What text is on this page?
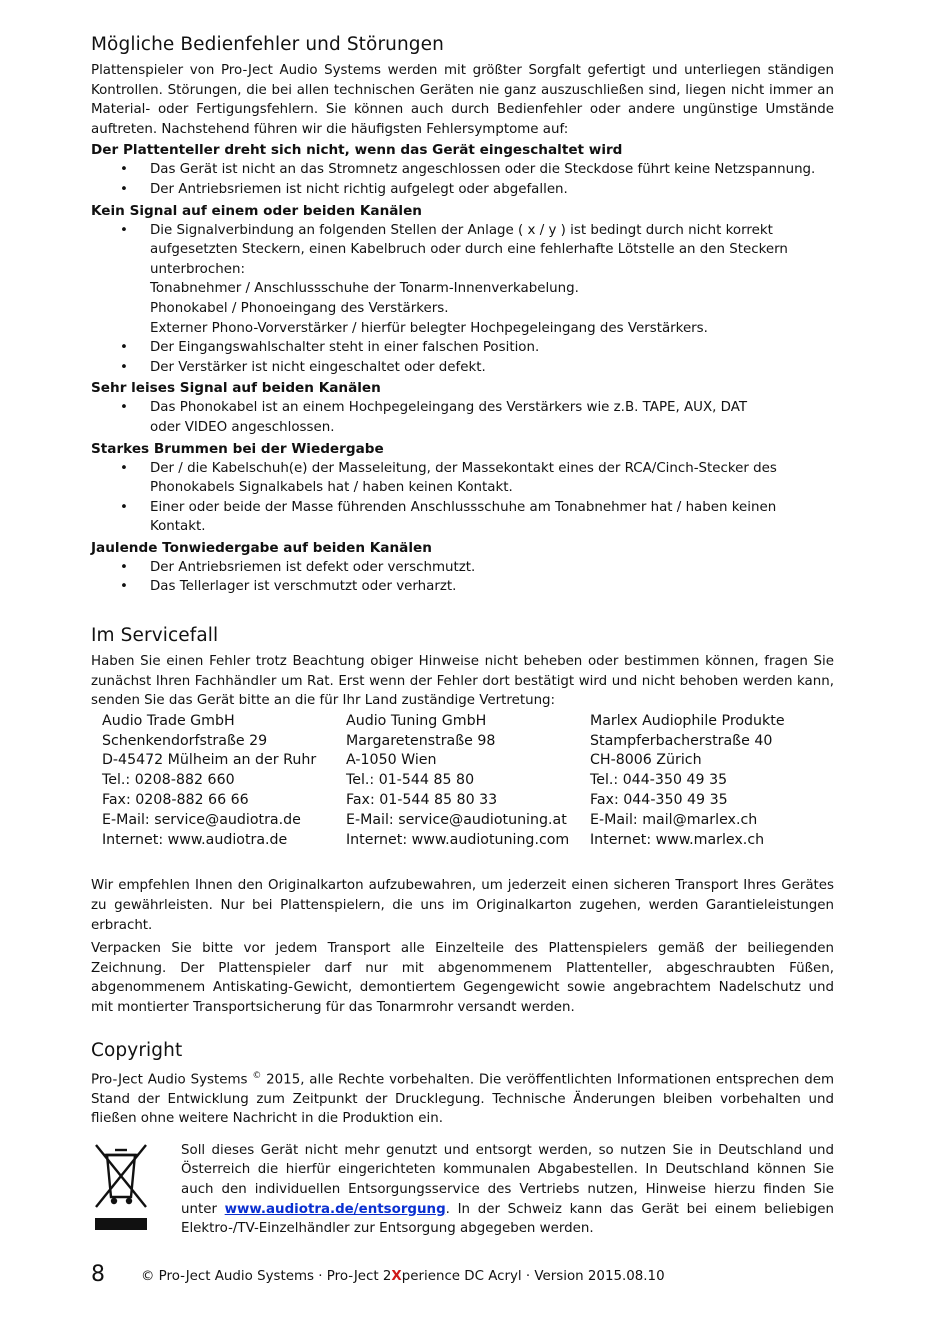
Mögliche Bedienfehler und Störungen

Plattenspieler von Pro-Ject Audio Systems werden mit größter Sorgfalt gefertigt und unterliegen ständigen Kontrollen. Störungen, die bei allen technischen Geräten nie ganz auszuschließen sind, liegen nicht immer an Material- oder Fertigungsfehlern. Sie können auch durch Bedienfehler oder andere ungünstige Umstände auftreten. Nachstehend führen wir die häufigsten Fehlersymptome auf:

Der Plattenteller dreht sich nicht, wenn das Gerät eingeschaltet wird
• Das Gerät ist nicht an das Stromnetz angeschlossen oder die Steckdose führt keine Netzspannung.
• Der Antriebsriemen ist nicht richtig aufgelegt oder abgefallen.
Kein Signal auf einem oder beiden Kanälen
• Die Signalverbindung an folgenden Stellen der Anlage ( x / y ) ist bedingt durch nicht korrekt aufgesetzten Steckern, einen Kabelbruch oder durch eine fehlerhafte Lötstelle an den Steckern unterbrochen:
Tonabnehmer / Anschlussschuhe der Tonarm-Innenverkabelung.
Phonokabel / Phonoeingang des Verstärkers.
Externer Phono-Vorverstärker / hierfür belegter Hochpegeleingang des Verstärkers.
• Der Eingangswahlschalter steht in einer falschen Position.
• Der Verstärker ist nicht eingeschaltet oder defekt.
Sehr leises Signal auf beiden Kanälen
• Das Phonokabel ist an einem Hochpegeleingang des Verstärkers wie z.B. TAPE, AUX, DAT
oder VIDEO angeschlossen.
Starkes Brummen bei der Wiedergabe
• Der / die Kabelschuh(e) der Masseleitung, der Massekontakt eines der RCA/Cinch-Stecker des Phonokabels Signalkabels hat / haben keinen Kontakt.
• Einer oder beide der Masse führenden Anschlussschuhe am Tonabnehmer hat / haben keinen Kontakt.
Jaulende Tonwiedergabe auf beiden Kanälen
• Der Antriebsriemen ist defekt oder verschmutzt.
• Das Tellerlager ist verschmutzt oder verharzt.
Im Servicefall

Haben Sie einen Fehler trotz Beachtung obiger Hinweise nicht beheben oder bestimmen können, fragen Sie zunächst Ihren Fachhändler um Rat. Erst wenn der Fehler dort bestätigt wird und nicht behoben werden kann, senden Sie das Gerät bitte an die für Ihr Land zuständige Vertretung:

Audio Trade GmbH
Schenkendorfstraße 29
D-45472 Mülheim an der Ruhr
Tel.: 0208-882 660
Fax: 0208-882 66 66
E-Mail: service@audiotra.de
Internet: www.audiotra.de
Audio Tuning GmbH
Margaretenstraße 98
A-1050 Wien
Tel.: 01-544 85 80
Fax: 01-544 85 80 33
E-Mail: service@audiotuning.at
Internet: www.audiotuning.com
Marlex Audiophile Produkte
Stampferbacherstraße 40
CH-8006 Zürich
Tel.: 044-350 49 35
Fax: 044-350 49 35
E-Mail: mail@marlex.ch
Internet: www.marlex.ch

Wir empfehlen Ihnen den Originalkarton aufzubewahren, um jederzeit einen sicheren Transport Ihres Gerätes zu gewährleisten. Nur bei Plattenspielern, die uns im Originalkarton zugehen, werden Garantieleistungen erbracht.

Verpacken Sie bitte vor jedem Transport alle Einzelteile des Plattenspielers gemäß der beiliegenden Zeichnung. Der Plattenspieler darf nur mit abgenommenem Plattenteller, abgeschraubten Füßen, abgenommenem Antiskating-Gewicht, demontiertem Gegengewicht sowie angebrachtem Nadelschutz und mit montierter Transportsicherung für das Tonarmrohr versandt werden.

Copyright

Pro-Ject Audio Systems © 2015, alle Rechte vorbehalten. Die veröffentlichten Informationen entsprechen dem Stand der Entwicklung zum Zeitpunkt der Drucklegung. Technische Änderungen bleiben vorbehalten und fließen ohne weitere Nachricht in die Produktion ein.

Soll dieses Gerät nicht mehr genutzt und entsorgt werden, so nutzen Sie in Deutschland und Österreich die hierfür eingerichteten kommunalen Abgabestellen. In Deutschland können Sie auch den individuellen Entsorgungsservice des Vertriebs nutzen, Hinweise hierzu finden Sie unter www.audiotra.de/entsorgung. In der Schweiz kann das Gerät bei einem beliebigen Elektro-/TV-Einzelhändler zur Entsorgung abgegeben werden.

8	© Pro-Ject Audio Systems · Pro-Ject 2Xperience DC Acryl · Version 2015.08.10
